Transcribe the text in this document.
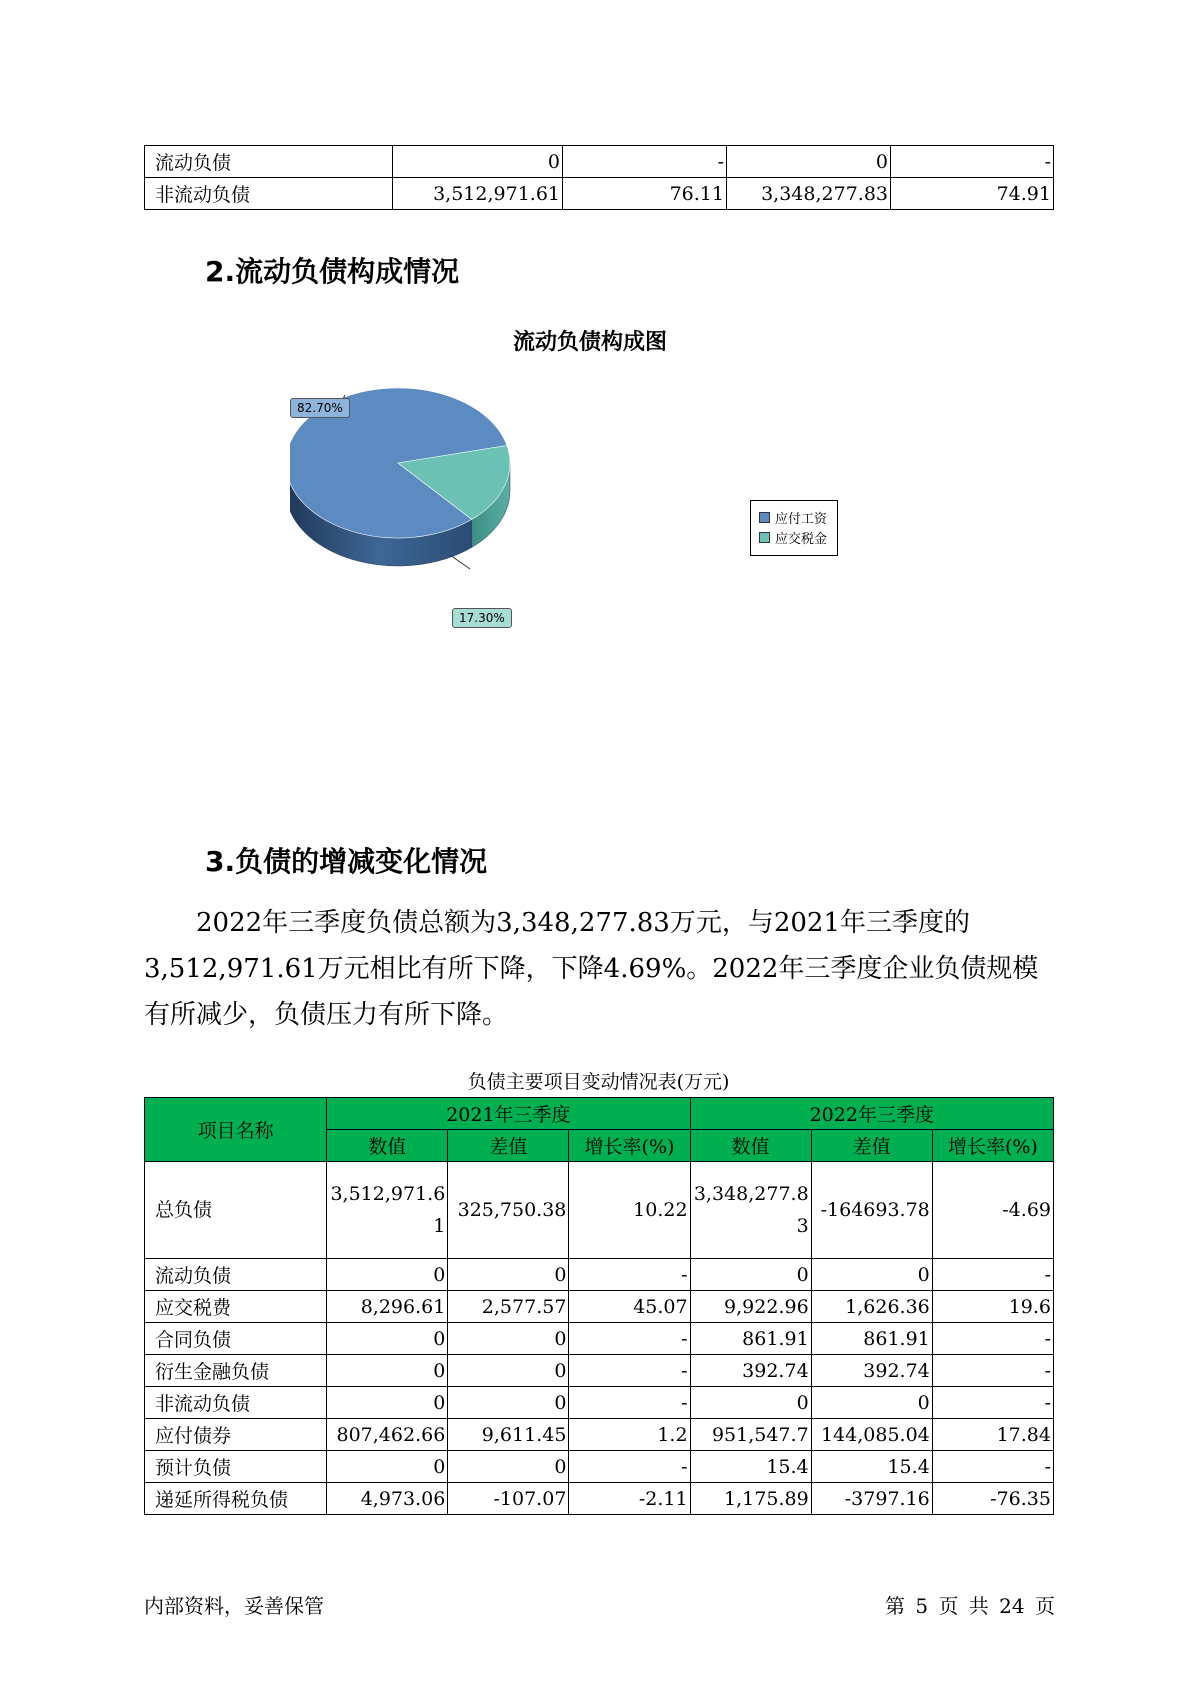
流动负债	0	-	0	-
非流动负债	3,512,971.61	76.11	3,348,277.83	74.91
2.流动负债构成情况
流动负债构成图
82.70%
17.30%
应付工资
应交税金
3.负债的增减变化情况
2022年三季度负债总额为3,348,277.83万元，与2021年三季度的3,512,971.61万元相比有所下降，下降4.69%。2022年三季度企业负债规模有所减少，负债压力有所下降。
负债主要项目变动情况表(万元)
项目名称	2021年三季度			2022年三季度		
	数值	差值	增长率(%)	数值	差值	增长率(%)
总负债	3,512,971.61	325,750.38	10.22	3,348,277.83	-164693.78	-4.69
流动负债	0	0	-	0	0	-
应交税费	8,296.61	2,577.57	45.07	9,922.96	1,626.36	19.6
合同负债	0	0	-	861.91	861.91	-
衍生金融负债	0	0	-	392.74	392.74	-
非流动负债	0	0	-	0	0	-
应付债券	807,462.66	9,611.45	1.2	951,547.7	144,085.04	17.84
预计负债	0	0	-	15.4	15.4	-
递延所得税负债	4,973.06	-107.07	-2.11	1,175.89	-3797.16	-76.35
内部资料，妥善保管	第 5 页 共 24 页
